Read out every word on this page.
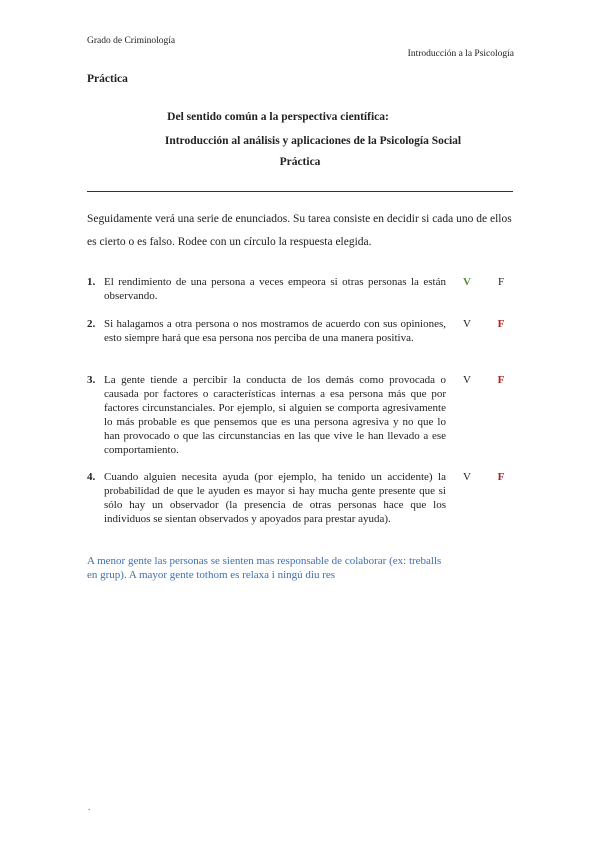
Grado de Criminología
Introducción a la Psicología
Práctica
Del sentido común a la perspectiva científica:
Introducción al análisis y aplicaciones de la Psicología Social
Práctica
Seguidamente verá una serie de enunciados. Su tarea consiste en decidir si cada uno de ellos es cierto o es falso. Rodee con un círculo la respuesta elegida.
1. El rendimiento de una persona a veces empeora si otras personas la están observando.
V F
2. Si halagamos a otra persona o nos mostramos de acuerdo con sus opiniones, esto siempre hará que esa persona nos perciba de una manera positiva.
V F
3. La gente tiende a percibir la conducta de los demás como provocada o causada por factores o características internas a esa persona más que por factores circunstanciales. Por ejemplo, si alguien se comporta agresivamente lo más probable es que pensemos que es una persona agresiva y no que lo han provocado o que las circunstancias en las que vive le han llevado a ese comportamiento.
V F
4. Cuando alguien necesita ayuda (por ejemplo, ha tenido un accidente) la probabilidad de que le ayuden es mayor si hay mucha gente presente que si sólo hay un observador (la presencia de otras personas hace que los individuos se sientan observados y apoyados para prestar ayuda).
V F
A menor gente las personas se sienten mas responsable de colaborar (ex: treballs en grup). A mayor gente tothom es relaxa i ningú diu res
.
